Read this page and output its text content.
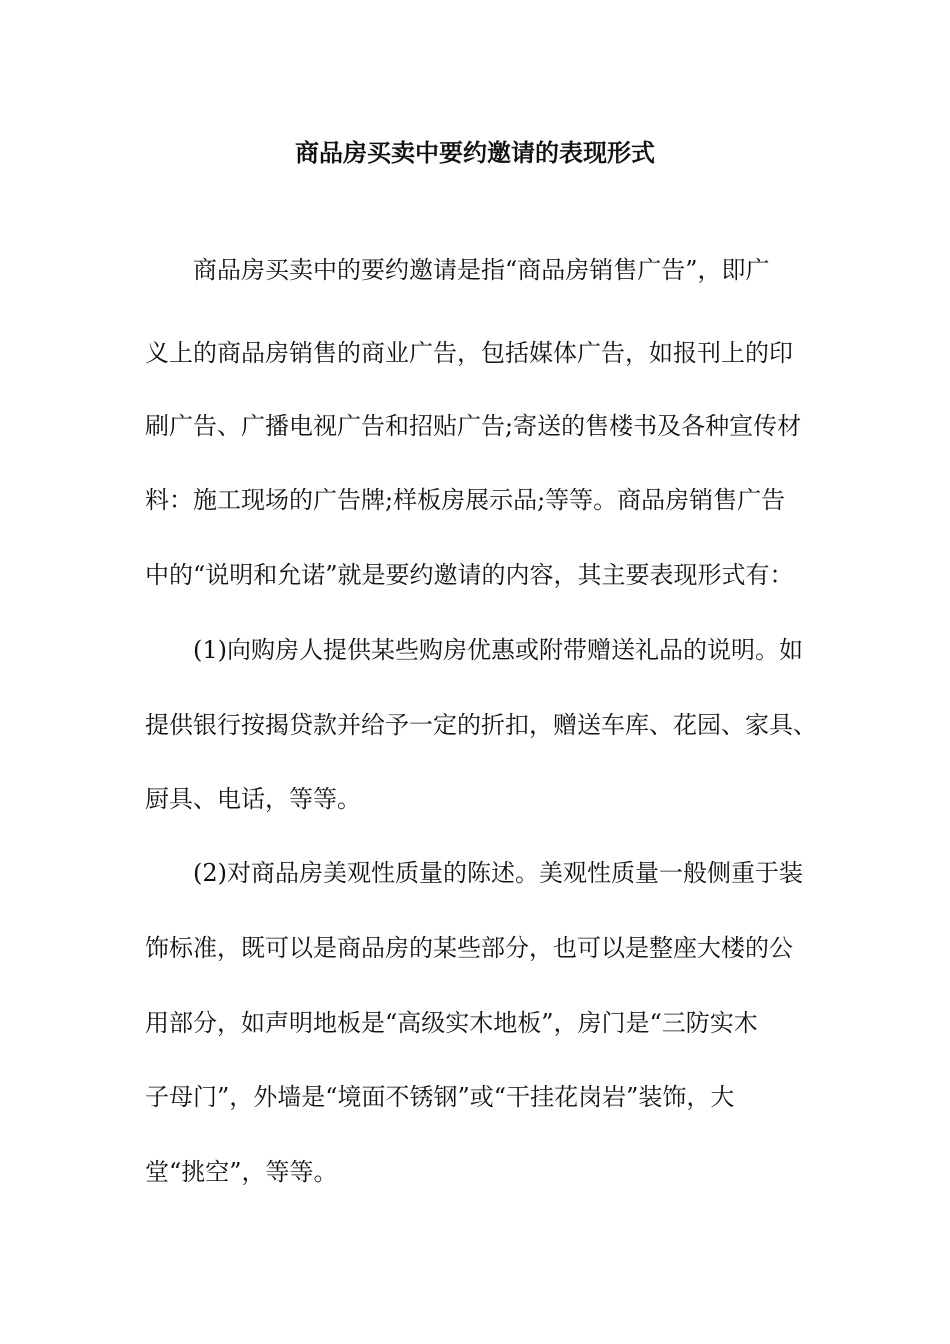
商品房买卖中要约邀请的表现形式

商品房买卖中的要约邀请是指“商品房销售广告”，即广

义上的商品房销售的商业广告，包括媒体广告，如报刊上的印

刷广告、广播电视广告和招贴广告;寄送的售楼书及各种宣传材

料：施工现场的广告牌;样板房展示品;等等。商品房销售广告

中的“说明和允诺”就是要约邀请的内容，其主要表现形式有：

(1)向购房人提供某些购房优惠或附带赠送礼品的说明。如

提供银行按揭贷款并给予一定的折扣，赠送车库、花园、家具、

厨具、电话，等等。

(2)对商品房美观性质量的陈述。美观性质量一般侧重于装

饰标准，既可以是商品房的某些部分，也可以是整座大楼的公

用部分，如声明地板是“高级实木地板”，房门是“三防实木

子母门”，外墙是“境面不锈钢”或“干挂花岗岩”装饰，大

堂“挑空”，等等。
